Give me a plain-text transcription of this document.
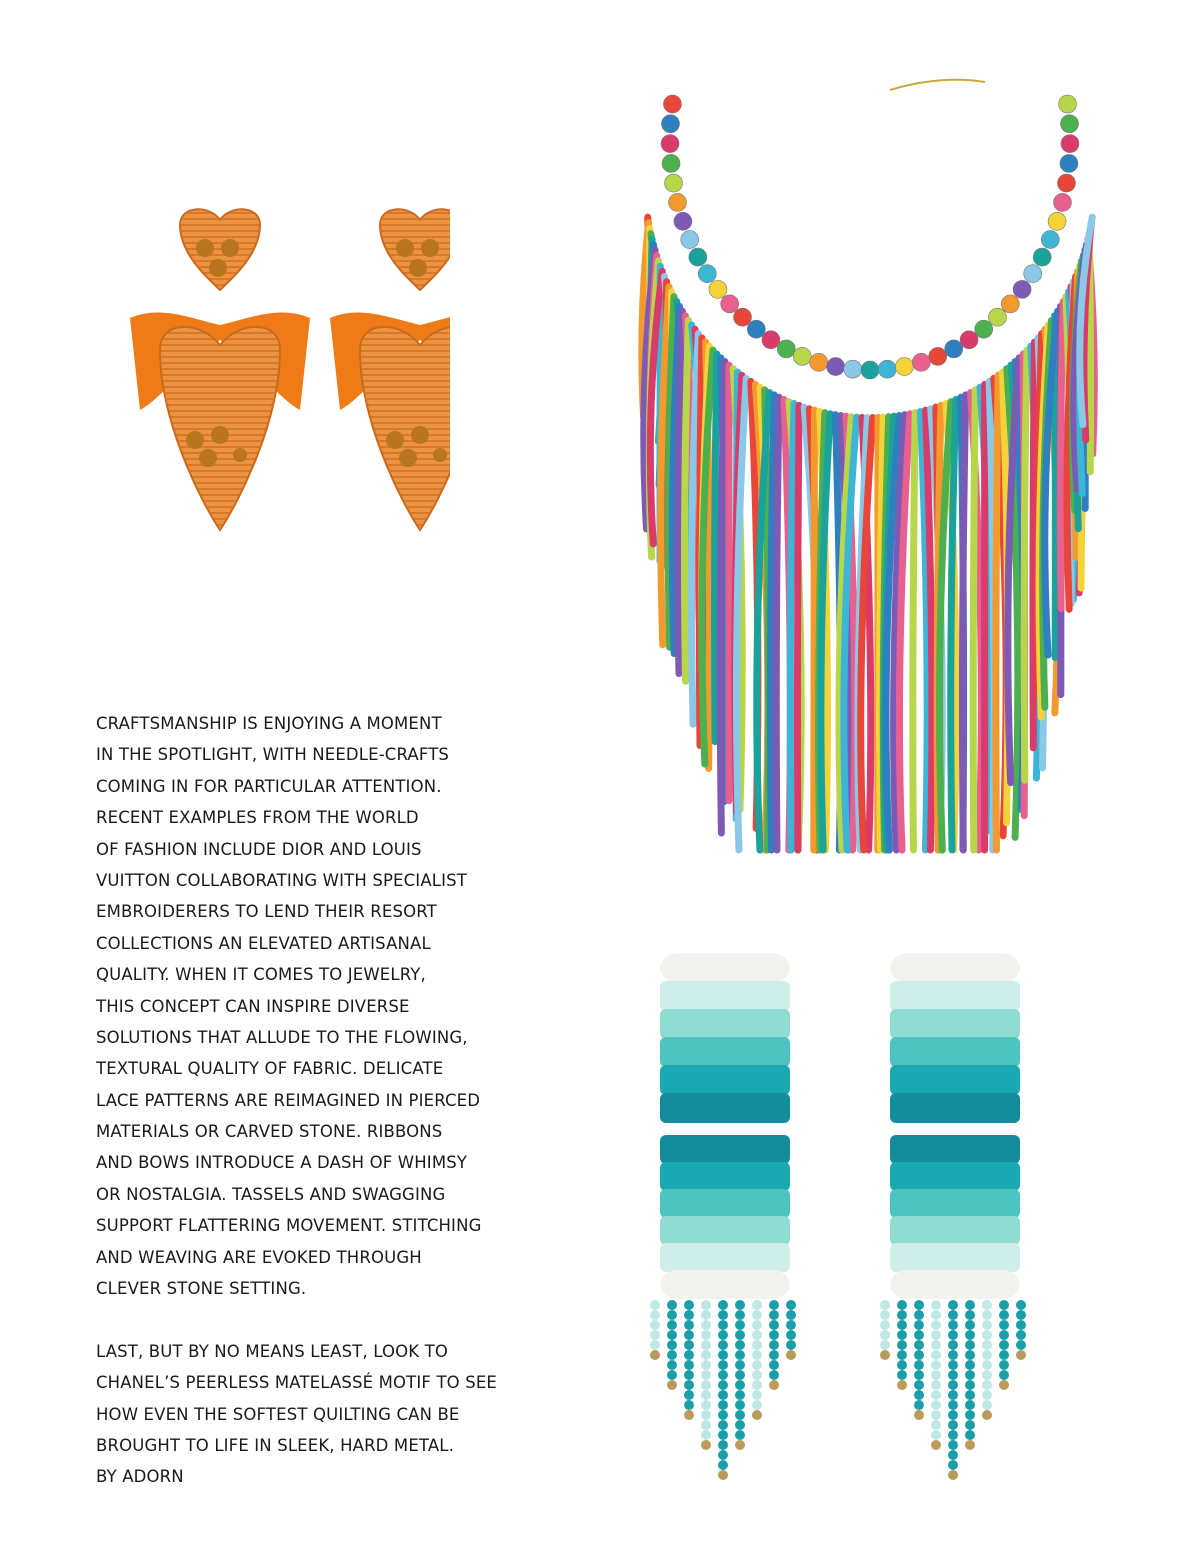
CRAFTSMANSHIP IS ENJOYING A MOMENT
IN THE SPOTLIGHT, WITH NEEDLE-CRAFTS
COMING IN FOR PARTICULAR ATTENTION.
RECENT EXAMPLES FROM THE WORLD
OF FASHION INCLUDE DIOR AND LOUIS
VUITTON COLLABORATING WITH SPECIALIST
EMBROIDERERS TO LEND THEIR RESORT
COLLECTIONS AN ELEVATED ARTISANAL
QUALITY. WHEN IT COMES TO JEWELRY,
THIS CONCEPT CAN INSPIRE DIVERSE
SOLUTIONS THAT ALLUDE TO THE FLOWING,
TEXTURAL QUALITY OF FABRIC. DELICATE
LACE PATTERNS ARE REIMAGINED IN PIERCED
MATERIALS OR CARVED STONE. RIBBONS
AND BOWS INTRODUCE A DASH OF WHIMSY
OR NOSTALGIA. TASSELS AND SWAGGING
SUPPORT FLATTERING MOVEMENT. STITCHING
AND WEAVING ARE EVOKED THROUGH
CLEVER STONE SETTING.
LAST, BUT BY NO MEANS LEAST, LOOK TO
CHANEL’S PEERLESS MATELASSÉ MOTIF TO SEE
HOW EVEN THE SOFTEST QUILTING CAN BE
BROUGHT TO LIFE IN SLEEK, HARD METAL.
BY ADORN
